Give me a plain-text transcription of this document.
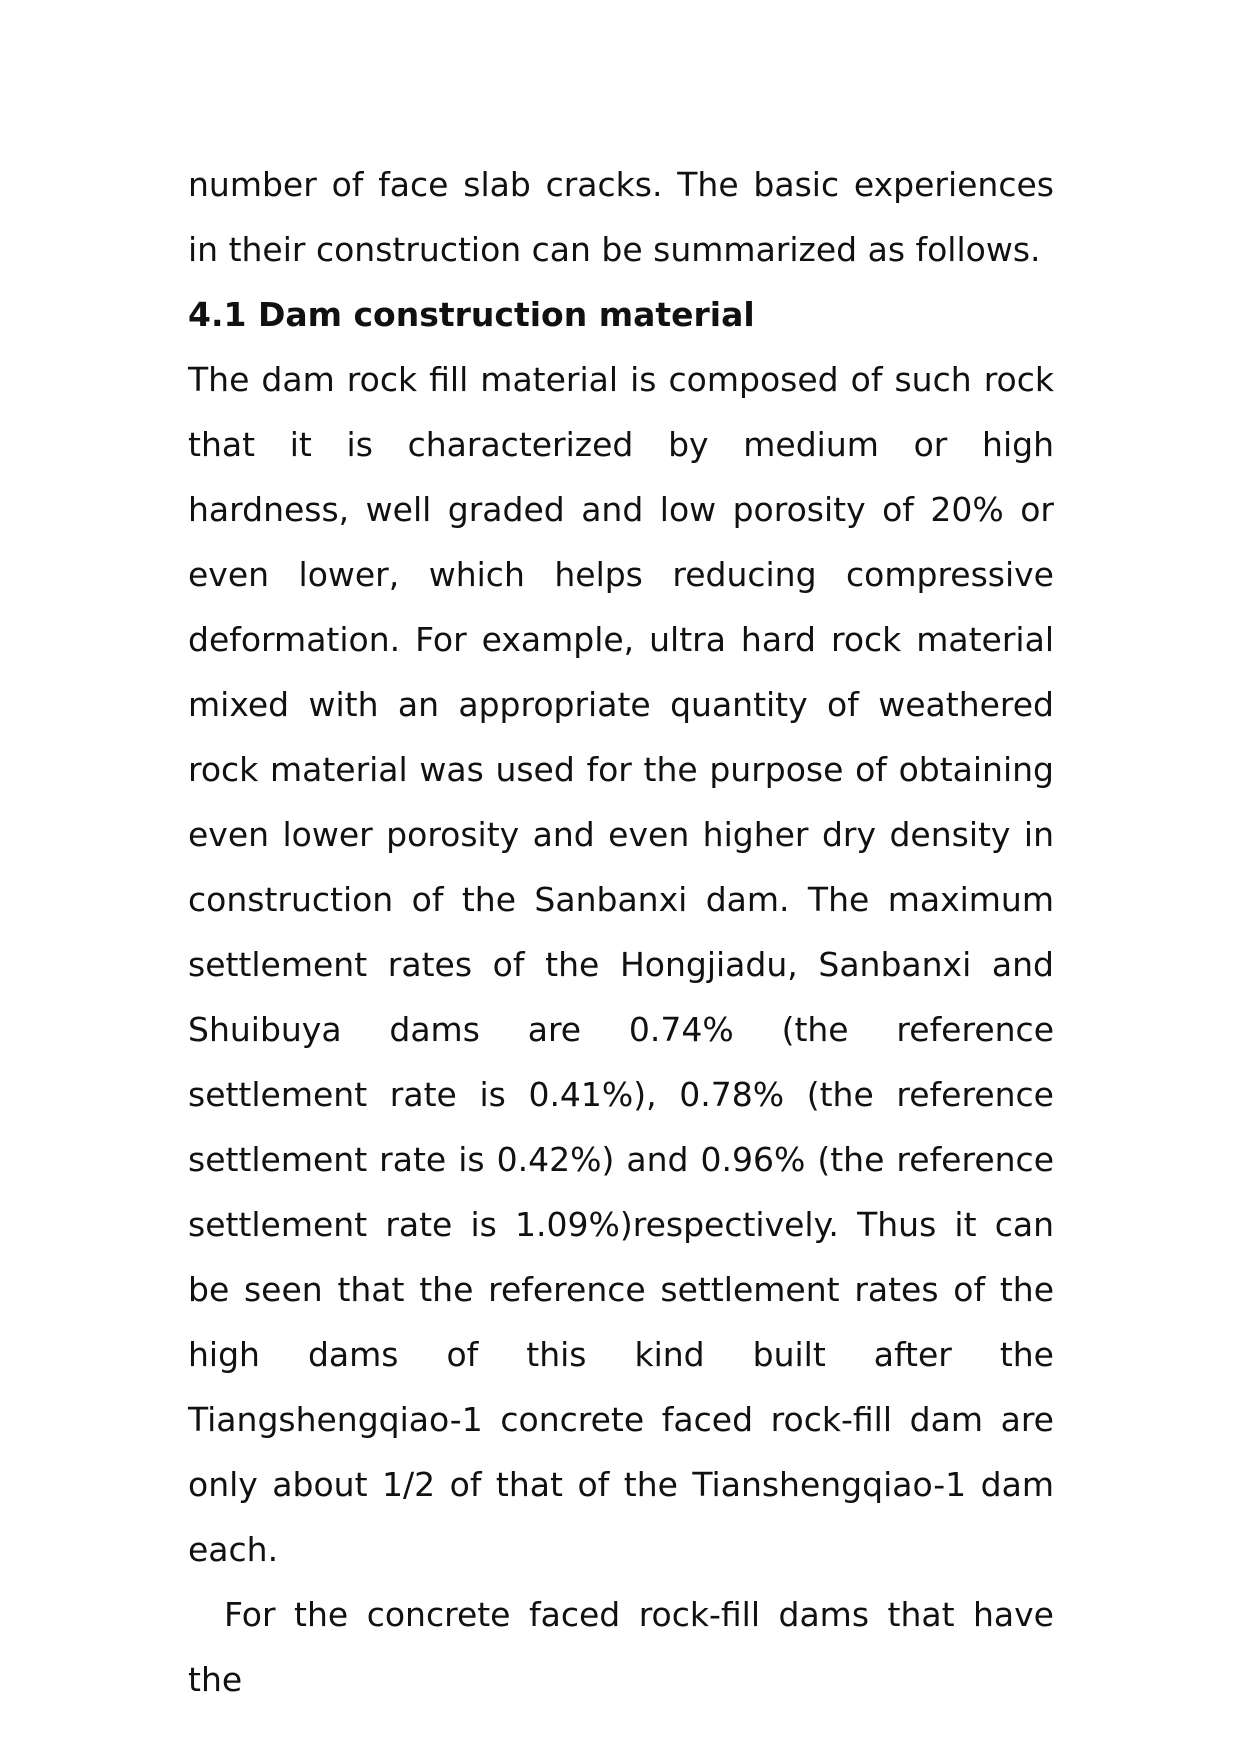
number of face slab cracks. The basic experiences in their construction can be summarized as follows.

4.1 Dam construction material

The dam rock fill material is composed of such rock that it is characterized by medium or high hardness, well graded and low porosity of 20% or even lower, which helps reducing compressive deformation. For example, ultra hard rock material mixed with an appropriate quantity of weathered rock material was used for the purpose of obtaining even lower porosity and even higher dry density in construction of the Sanbanxi dam. The maximum settlement rates of the Hongjiadu, Sanbanxi and Shuibuya dams are 0.74% (the reference settlement rate is 0.41%), 0.78% (the reference settlement rate is 0.42%) and 0.96% (the reference settlement rate is 1.09%)respectively. Thus it can be seen that the reference settlement rates of the high dams of this kind built after the Tiangshengqiao-1 concrete faced rock-fill dam are only about 1/2 of that of the Tianshengqiao-1 dam each.

For the concrete faced rock-fill dams that have the
